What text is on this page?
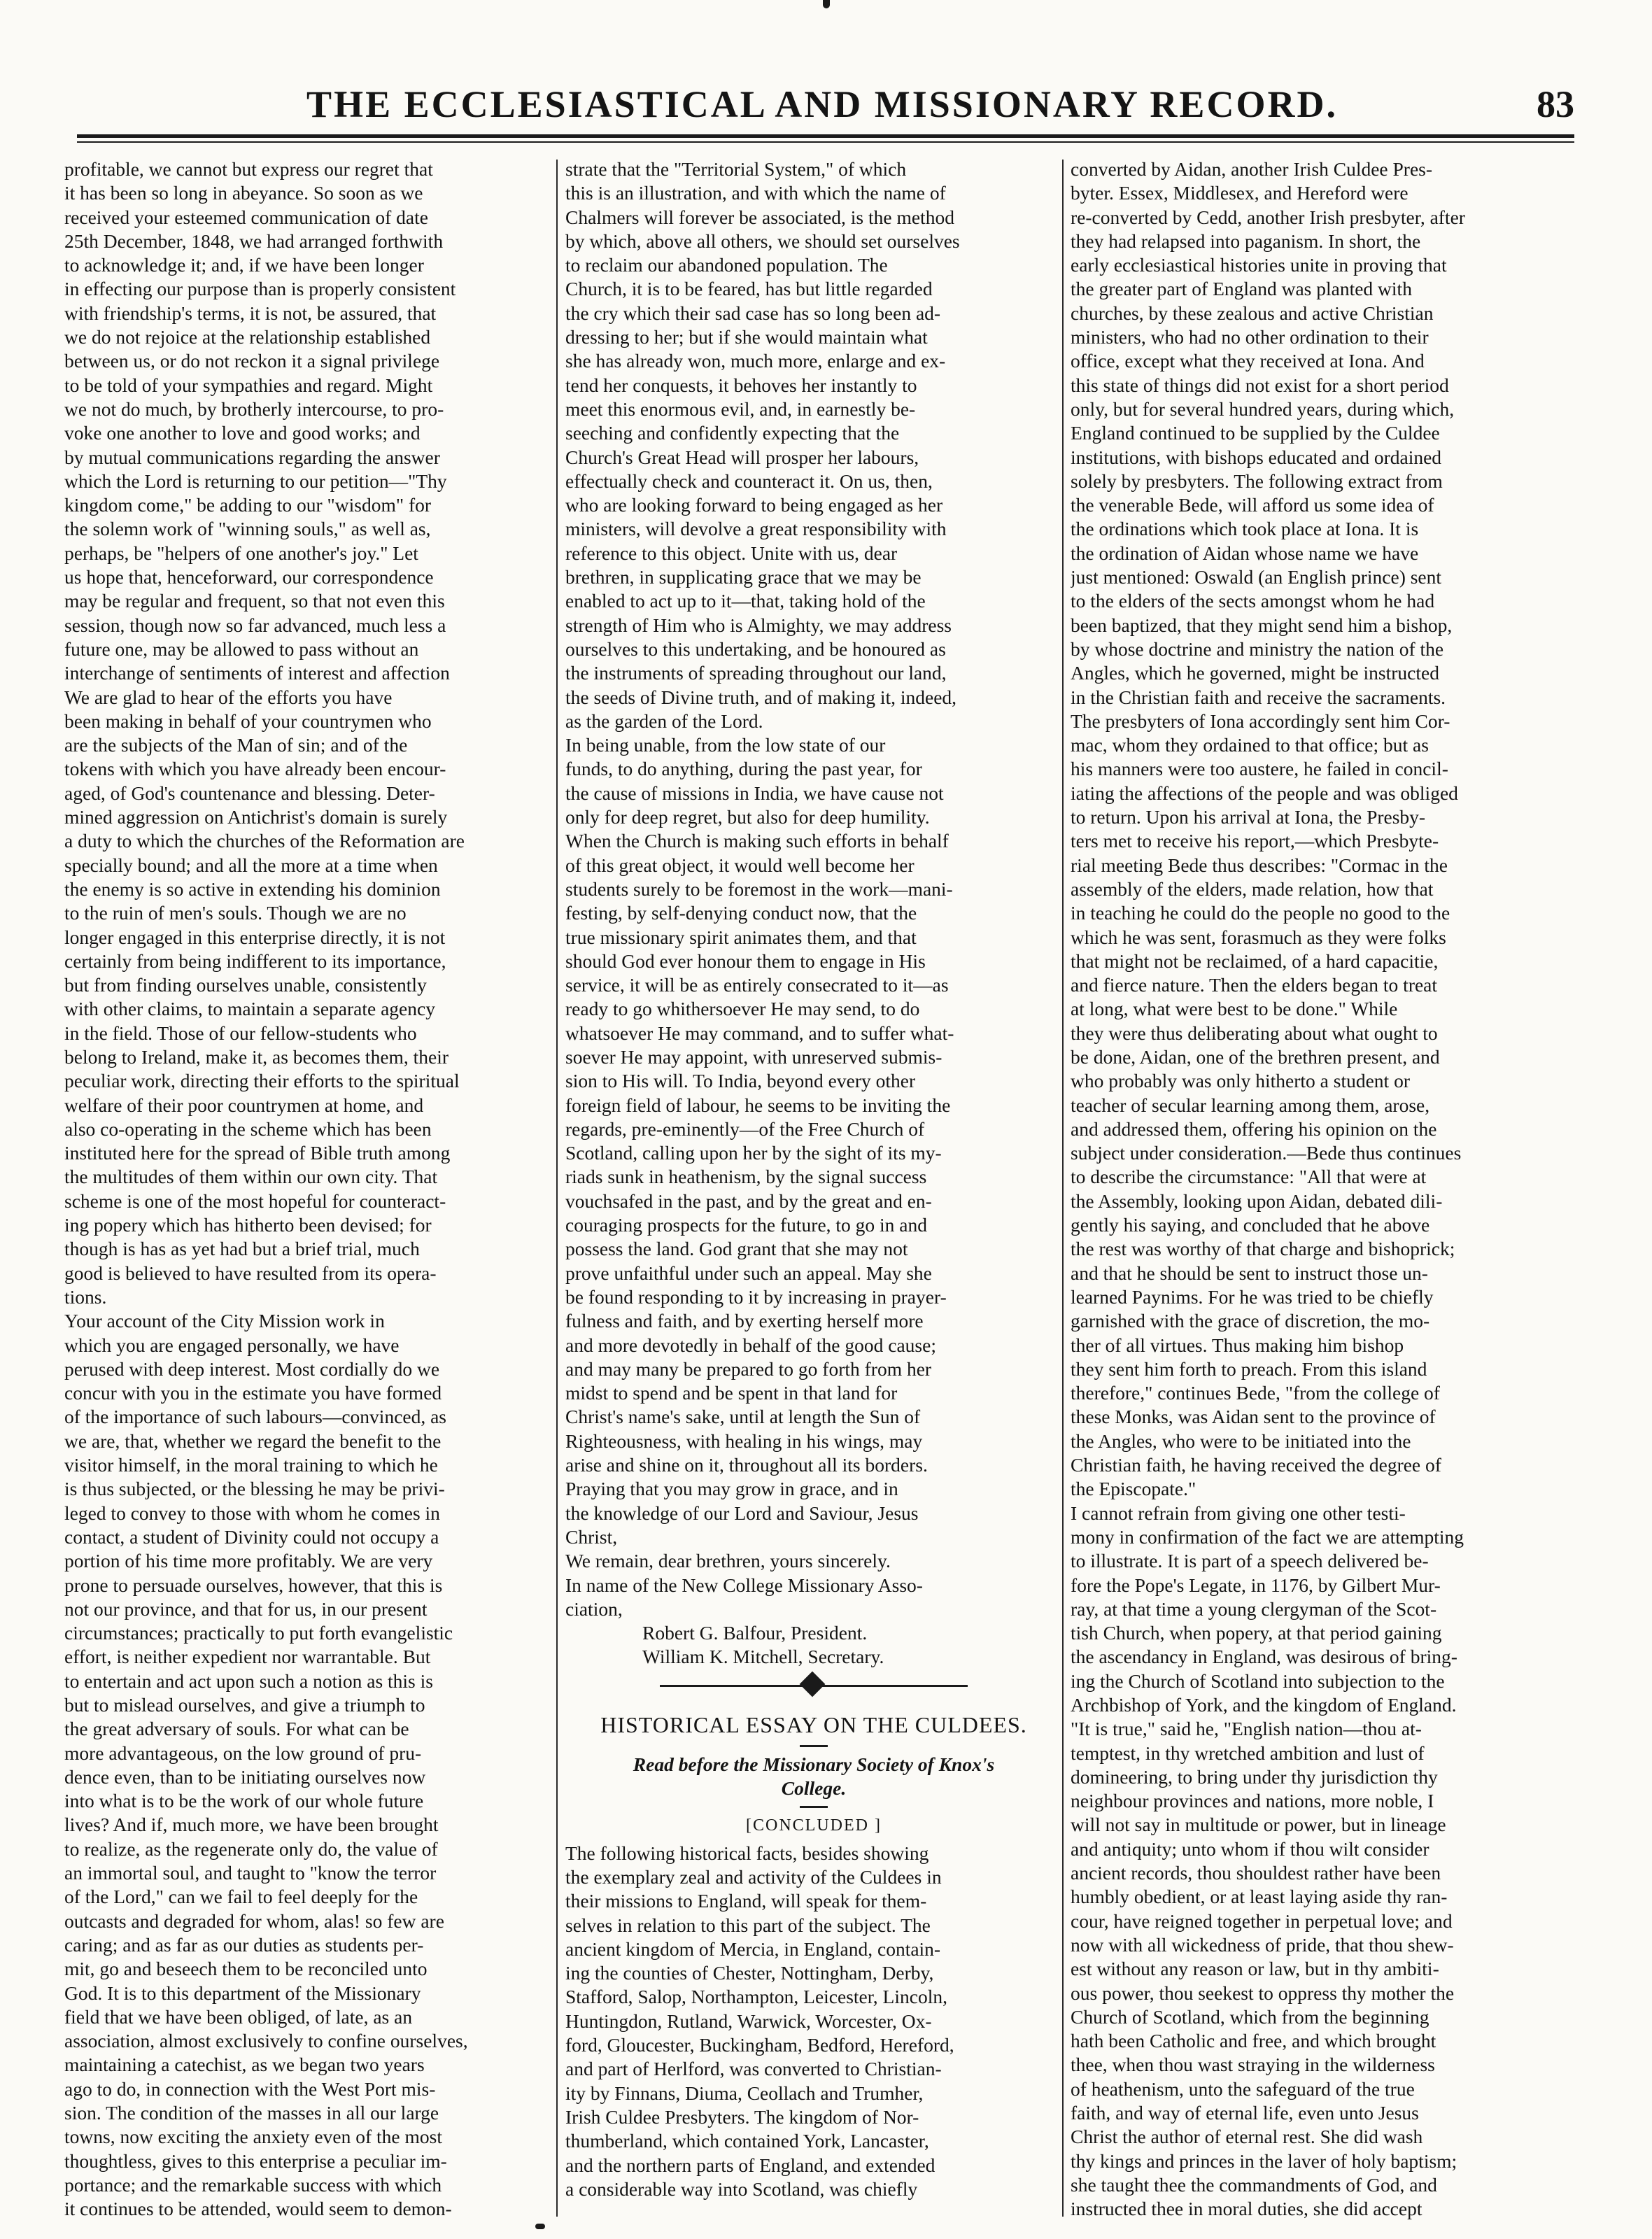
THE ECCLESIASTICAL AND MISSIONARY RECORD.	83
profitable, we cannot but express our regret that
it has been so long in abeyance. So soon as we
received your esteemed communication of date
25th December, 1848, we had arranged forthwith
to acknowledge it; and, if we have been longer
in effecting our purpose than is properly consistent
with friendship's terms, it is not, be assured, that
we do not rejoice at the relationship established
between us, or do not reckon it a signal privilege
to be told of your sympathies and regard. Might
we not do much, by brotherly intercourse, to pro-
voke one another to love and good works; and
by mutual communications regarding the answer
which the Lord is returning to our petition—"Thy
kingdom come," be adding to our "wisdom" for
the solemn work of "winning souls," as well as,
perhaps, be "helpers of one another's joy." Let
us hope that, henceforward, our correspondence
may be regular and frequent, so that not even this
session, though now so far advanced, much less a
future one, may be allowed to pass without an
interchange of sentiments of interest and affection
We are glad to hear of the efforts you have
been making in behalf of your countrymen who
are the subjects of the Man of sin; and of the
tokens with which you have already been encour-
aged, of God's countenance and blessing. Deter-
mined aggression on Antichrist's domain is surely
a duty to which the churches of the Reformation are
specially bound; and all the more at a time when
the enemy is so active in extending his dominion
to the ruin of men's souls. Though we are no
longer engaged in this enterprise directly, it is not
certainly from being indifferent to its importance,
but from finding ourselves unable, consistently
with other claims, to maintain a separate agency
in the field. Those of our fellow-students who
belong to Ireland, make it, as becomes them, their
peculiar work, directing their efforts to the spiritual
welfare of their poor countrymen at home, and
also co-operating in the scheme which has been
instituted here for the spread of Bible truth among
the multitudes of them within our own city. That
scheme is one of the most hopeful for counteract-
ing popery which has hitherto been devised; for
though is has as yet had but a brief trial, much
good is believed to have resulted from its opera-
tions.
Your account of the City Mission work in
which you are engaged personally, we have
perused with deep interest. Most cordially do we
concur with you in the estimate you have formed
of the importance of such labours—convinced, as
we are, that, whether we regard the benefit to the
visitor himself, in the moral training to which he
is thus subjected, or the blessing he may be privi-
leged to convey to those with whom he comes in
contact, a student of Divinity could not occupy a
portion of his time more profitably. We are very
prone to persuade ourselves, however, that this is
not our province, and that for us, in our present
circumstances; practically to put forth evangelistic
effort, is neither expedient nor warrantable. But
to entertain and act upon such a notion as this is
but to mislead ourselves, and give a triumph to
the great adversary of souls. For what can be
more advantageous, on the low ground of pru-
dence even, than to be initiating ourselves now
into what is to be the work of our whole future
lives? And if, much more, we have been brought
to realize, as the regenerate only do, the value of
an immortal soul, and taught to "know the terror
of the Lord," can we fail to feel deeply for the
outcasts and degraded for whom, alas! so few are
caring; and as far as our duties as students per-
mit, go and beseech them to be reconciled unto
God. It is to this department of the Missionary
field that we have been obliged, of late, as an
association, almost exclusively to confine ourselves,
maintaining a catechist, as we began two years
ago to do, in connection with the West Port mis-
sion. The condition of the masses in all our large
towns, now exciting the anxiety even of the most
thoughtless, gives to this enterprise a peculiar im-
portance; and the remarkable success with which
it continues to be attended, would seem to demon-
strate that the "Territorial System," of which
this is an illustration, and with which the name of
Chalmers will forever be associated, is the method
by which, above all others, we should set ourselves
to reclaim our abandoned population. The
Church, it is to be feared, has but little regarded
the cry which their sad case has so long been ad-
dressing to her; but if she would maintain what
she has already won, much more, enlarge and ex-
tend her conquests, it behoves her instantly to
meet this enormous evil, and, in earnestly be-
seeching and confidently expecting that the
Church's Great Head will prosper her labours,
effectually check and counteract it. On us, then,
who are looking forward to being engaged as her
ministers, will devolve a great responsibility with
reference to this object. Unite with us, dear
brethren, in supplicating grace that we may be
enabled to act up to it—that, taking hold of the
strength of Him who is Almighty, we may address
ourselves to this undertaking, and be honoured as
the instruments of spreading throughout our land,
the seeds of Divine truth, and of making it, indeed,
as the garden of the Lord.
In being unable, from the low state of our
funds, to do anything, during the past year, for
the cause of missions in India, we have cause not
only for deep regret, but also for deep humility.
When the Church is making such efforts in behalf
of this great object, it would well become her
students surely to be foremost in the work—mani-
festing, by self-denying conduct now, that the
true missionary spirit animates them, and that
should God ever honour them to engage in His
service, it will be as entirely consecrated to it—as
ready to go whithersoever He may send, to do
whatsoever He may command, and to suffer what-
soever He may appoint, with unreserved submis-
sion to His will. To India, beyond every other
foreign field of labour, he seems to be inviting the
regards, pre-eminently—of the Free Church of
Scotland, calling upon her by the sight of its my-
riads sunk in heathenism, by the signal success
vouchsafed in the past, and by the great and en-
couraging prospects for the future, to go in and
possess the land. God grant that she may not
prove unfaithful under such an appeal. May she
be found responding to it by increasing in prayer-
fulness and faith, and by exerting herself more
and more devotedly in behalf of the good cause;
and may many be prepared to go forth from her
midst to spend and be spent in that land for
Christ's name's sake, until at length the Sun of
Righteousness, with healing in his wings, may
arise and shine on it, throughout all its borders.
Praying that you may grow in grace, and in
the knowledge of our Lord and Saviour, Jesus
Christ,
We remain, dear brethren, yours sincerely.
In name of the New College Missionary Asso-
ciation,
Robert G. Balfour, President.
William K. Mitchell, Secretary.
HISTORICAL ESSAY ON THE CULDEES.
Read before the Missionary Society of Knox's
College.
[CONCLUDED ]
The following historical facts, besides showing
the exemplary zeal and activity of the Culdees in
their missions to England, will speak for them-
selves in relation to this part of the subject. The
ancient kingdom of Mercia, in England, contain-
ing the counties of Chester, Nottingham, Derby,
Stafford, Salop, Northampton, Leicester, Lincoln,
Huntingdon, Rutland, Warwick, Worcester, Ox-
ford, Gloucester, Buckingham, Bedford, Hereford,
and part of Herlford, was converted to Christian-
ity by Finnans, Diuma, Ceollach and Trumher,
Irish Culdee Presbyters. The kingdom of Nor-
thumberland, which contained York, Lancaster,
and the northern parts of England, and extended
a considerable way into Scotland, was chiefly
converted by Aidan, another Irish Culdee Pres-
byter. Essex, Middlesex, and Hereford were
re-converted by Cedd, another Irish presbyter, after
they had relapsed into paganism. In short, the
early ecclesiastical histories unite in proving that
the greater part of England was planted with
churches, by these zealous and active Christian
ministers, who had no other ordination to their
office, except what they received at Iona. And
this state of things did not exist for a short period
only, but for several hundred years, during which,
England continued to be supplied by the Culdee
institutions, with bishops educated and ordained
solely by presbyters. The following extract from
the venerable Bede, will afford us some idea of
the ordinations which took place at Iona. It is
the ordination of Aidan whose name we have
just mentioned: Oswald (an English prince) sent
to the elders of the sects amongst whom he had
been baptized, that they might send him a bishop,
by whose doctrine and ministry the nation of the
Angles, which he governed, might be instructed
in the Christian faith and receive the sacraments.
The presbyters of Iona accordingly sent him Cor-
mac, whom they ordained to that office; but as
his manners were too austere, he failed in concil-
iating the affections of the people and was obliged
to return. Upon his arrival at Iona, the Presby-
ters met to receive his report,—which Presbyte-
rial meeting Bede thus describes: "Cormac in the
assembly of the elders, made relation, how that
in teaching he could do the people no good to the
which he was sent, forasmuch as they were folks
that might not be reclaimed, of a hard capacitie,
and fierce nature. Then the elders began to treat
at long, what were best to be done." While
they were thus deliberating about what ought to
be done, Aidan, one of the brethren present, and
who probably was only hitherto a student or
teacher of secular learning among them, arose,
and addressed them, offering his opinion on the
subject under consideration.—Bede thus continues
to describe the circumstance: "All that were at
the Assembly, looking upon Aidan, debated dili-
gently his saying, and concluded that he above
the rest was worthy of that charge and bishoprick;
and that he should be sent to instruct those un-
learned Paynims. For he was tried to be chiefly
garnished with the grace of discretion, the mo-
ther of all virtues. Thus making him bishop
they sent him forth to preach. From this island
therefore," continues Bede, "from the college of
these Monks, was Aidan sent to the province of
the Angles, who were to be initiated into the
Christian faith, he having received the degree of
the Episcopate."
I cannot refrain from giving one other testi-
mony in confirmation of the fact we are attempting
to illustrate. It is part of a speech delivered be-
fore the Pope's Legate, in 1176, by Gilbert Mur-
ray, at that time a young clergyman of the Scot-
tish Church, when popery, at that period gaining
the ascendancy in England, was desirous of bring-
ing the Church of Scotland into subjection to the
Archbishop of York, and the kingdom of England.
"It is true," said he, "English nation—thou at-
temptest, in thy wretched ambition and lust of
domineering, to bring under thy jurisdiction thy
neighbour provinces and nations, more noble, I
will not say in multitude or power, but in lineage
and antiquity; unto whom if thou wilt consider
ancient records, thou shouldest rather have been
humbly obedient, or at least laying aside thy ran-
cour, have reigned together in perpetual love; and
now with all wickedness of pride, that thou shew-
est without any reason or law, but in thy ambiti-
ous power, thou seekest to oppress thy mother the
Church of Scotland, which from the beginning
hath been Catholic and free, and which brought
thee, when thou wast straying in the wilderness
of heathenism, unto the safeguard of the true
faith, and way of eternal life, even unto Jesus
Christ the author of eternal rest. She did wash
thy kings and princes in the laver of holy baptism;
she taught thee the commandments of God, and
instructed thee in moral duties, she did accept
